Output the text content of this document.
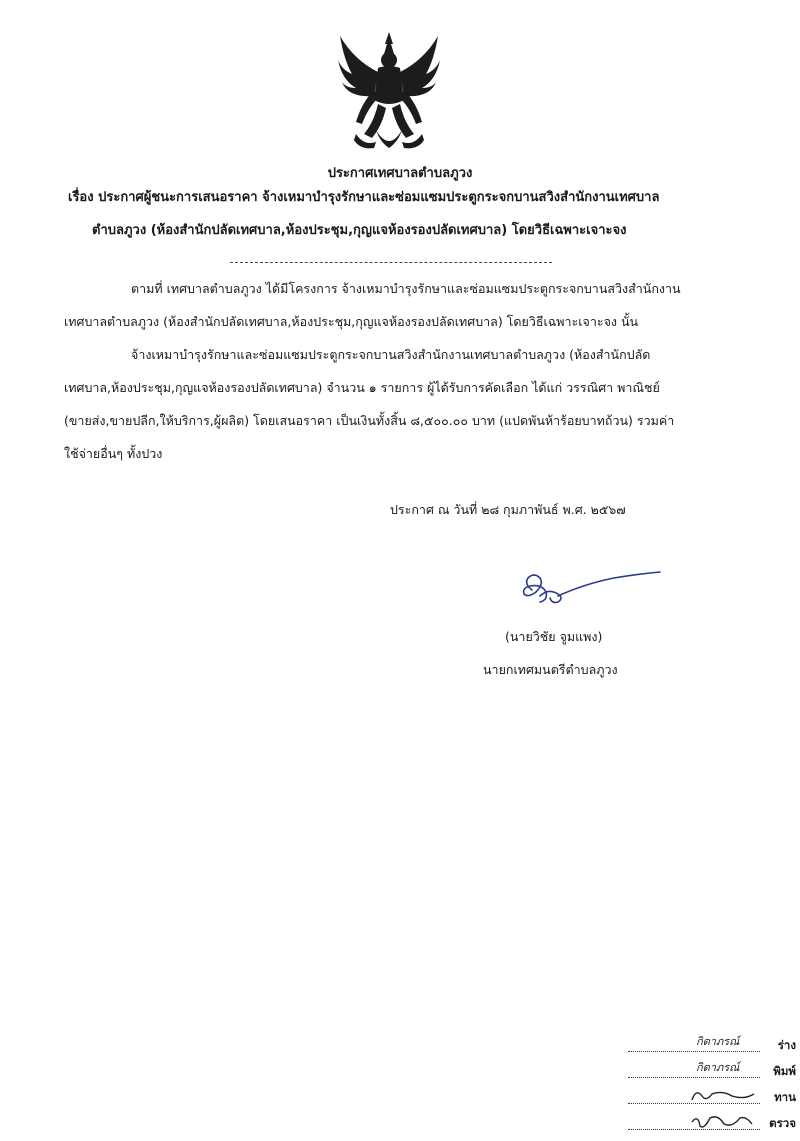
ประกาศเทศบาลตำบลภูวง
เรื่อง ประกาศผู้ชนะการเสนอราคา จ้างเหมาบำรุงรักษาและซ่อมแซมประตูกระจกบานสวิงสำนักงานเทศบาล
ตำบลภูวง (ห้องสำนักปลัดเทศบาล,ห้องประชุม,กุญแจห้องรองปลัดเทศบาล) โดยวิธีเฉพาะเจาะจง
ตามที่ เทศบาลตำบลภูวง ได้มีโครงการ จ้างเหมาบำรุงรักษาและซ่อมแซมประตูกระจกบานสวิงสำนักงาน
เทศบาลตำบลภูวง (ห้องสำนักปลัดเทศบาล,ห้องประชุม,กุญแจห้องรองปลัดเทศบาล) โดยวิธีเฉพาะเจาะจง นั้น
จ้างเหมาบำรุงรักษาและซ่อมแซมประตูกระจกบานสวิงสำนักงานเทศบาลตำบลภูวง (ห้องสำนักปลัด
เทศบาล,ห้องประชุม,กุญแจห้องรองปลัดเทศบาล) จำนวน ๑ รายการ ผู้ได้รับการคัดเลือก ได้แก่ วรรณิศา พาณิชย์
(ขายส่ง,ขายปลีก,ให้บริการ,ผู้ผลิต) โดยเสนอราคา เป็นเงินทั้งสิ้น ๘,๕๐๐.๐๐ บาท (แปดพันห้าร้อยบาทถ้วน) รวมค่า
ใช้จ่ายอื่นๆ ทั้งปวง
ประกาศ ณ วันที่ ๒๘ กุมภาพันธ์ พ.ศ. ๒๕๖๗
(นายวิชัย จูมแพง)
นายกเทศมนตรีตำบลภูวง
กิตาภรณ์	ร่าง
กิตาภรณ์	พิมพ์
ทาน
ตรวจ
